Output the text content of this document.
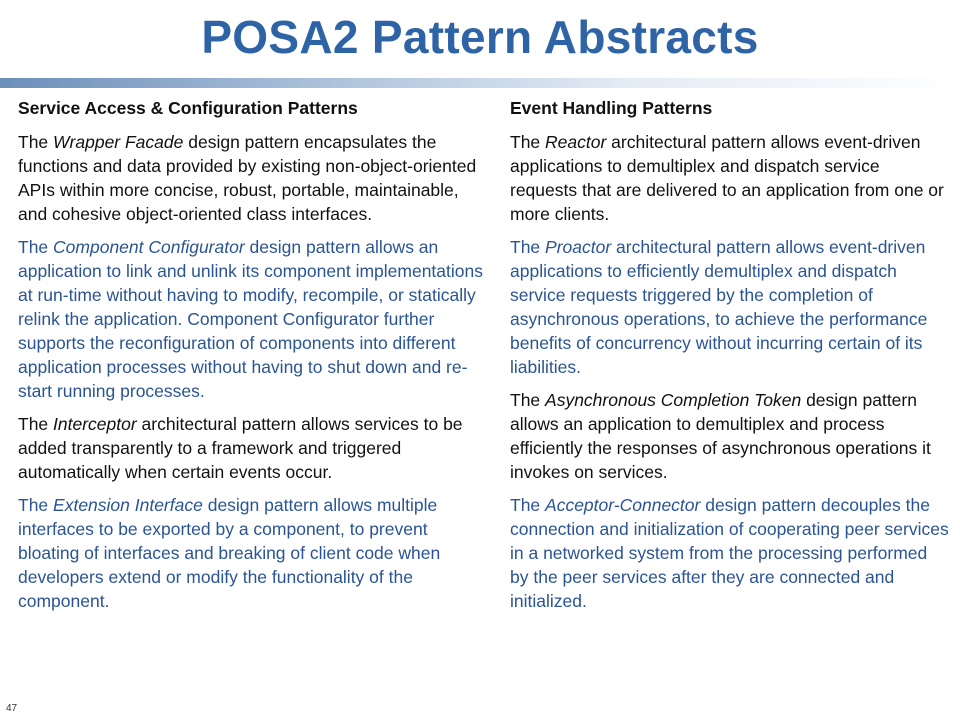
POSA2 Pattern Abstracts
Service Access & Configuration Patterns

The Wrapper Facade design pattern encapsulates the functions and data provided by existing non-object-oriented APIs within more concise, robust, portable, maintainable, and cohesive object-oriented class interfaces.

The Component Configurator design pattern allows an application to link and unlink its component implementations at run-time without having to modify, recompile, or statically relink the application. Component Configurator further supports the reconfiguration of components into different application processes without having to shut down and re-start running processes.

The Interceptor architectural pattern allows services to be added transparently to a framework and triggered automatically when certain events occur.

The Extension Interface design pattern allows multiple interfaces to be exported by a component, to prevent bloating of interfaces and breaking of client code when developers extend or modify the functionality of the component.

Event Handling Patterns

The Reactor architectural pattern allows event-driven applications to demultiplex and dispatch service requests that are delivered to an application from one or more clients.

The Proactor architectural pattern allows event-driven applications to efficiently demultiplex and dispatch service requests triggered by the completion of asynchronous operations, to achieve the performance benefits of concurrency without incurring certain of its liabilities.

The Asynchronous Completion Token design pattern allows an application to demultiplex and process efficiently the responses of asynchronous operations it invokes on services.

The Acceptor-Connector design pattern decouples the connection and initialization of cooperating peer services in a networked system from the processing performed by the peer services after they are connected and initialized.

47
